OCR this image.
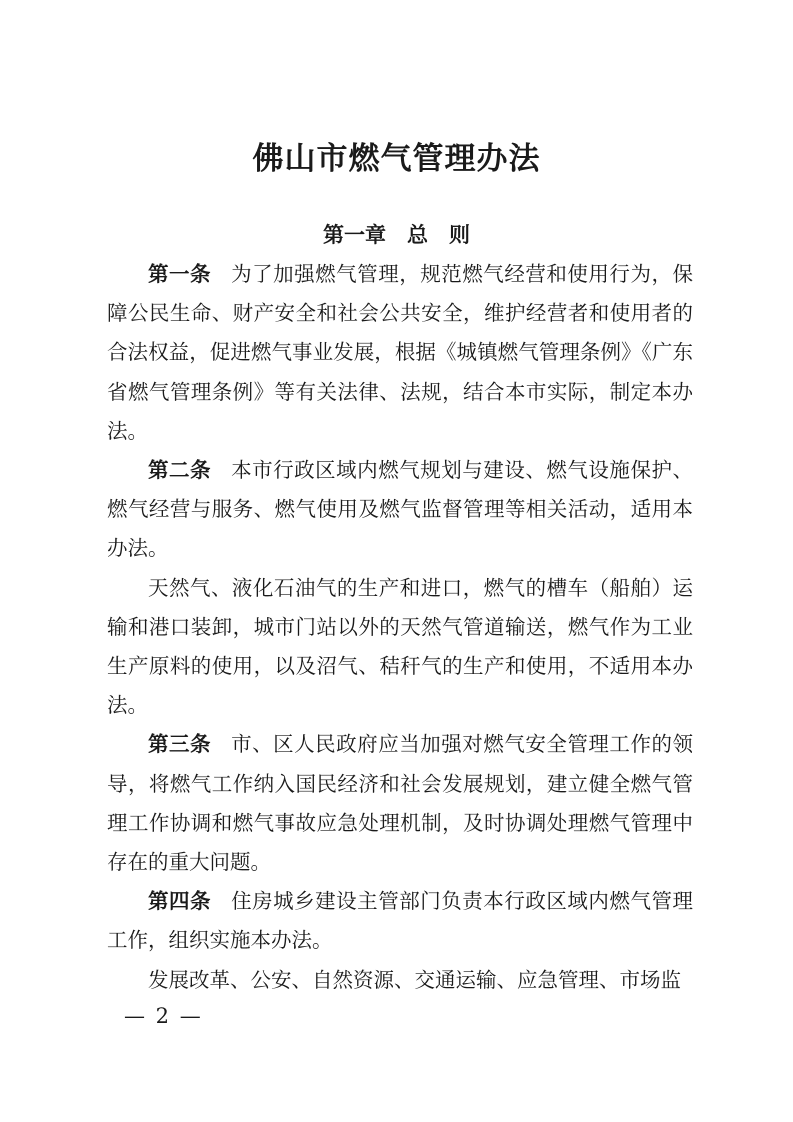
佛山市燃气管理办法
第一章 总　则

第一条 为了加强燃气管理，规范燃气经营和使用行为，保障公民生命、财产安全和社会公共安全，维护经营者和使用者的合法权益，促进燃气事业发展，根据《城镇燃气管理条例》《广东省燃气管理条例》等有关法律、法规，结合本市实际，制定本办法。

第二条 本市行政区域内燃气规划与建设、燃气设施保护、燃气经营与服务、燃气使用及燃气监督管理等相关活动，适用本办法。

天然气、液化石油气的生产和进口，燃气的槽车（船舶）运输和港口装卸，城市门站以外的天然气管道输送，燃气作为工业生产原料的使用，以及沼气、秸秆气的生产和使用，不适用本办法。

第三条 市、区人民政府应当加强对燃气安全管理工作的领导，将燃气工作纳入国民经济和社会发展规划，建立健全燃气管理工作协调和燃气事故应急处理机制，及时协调处理燃气管理中存在的重大问题。

第四条 住房城乡建设主管部门负责本行政区域内燃气管理工作，组织实施本办法。

发展改革、公安、自然资源、交通运输、应急管理、市场监

— 2 —
